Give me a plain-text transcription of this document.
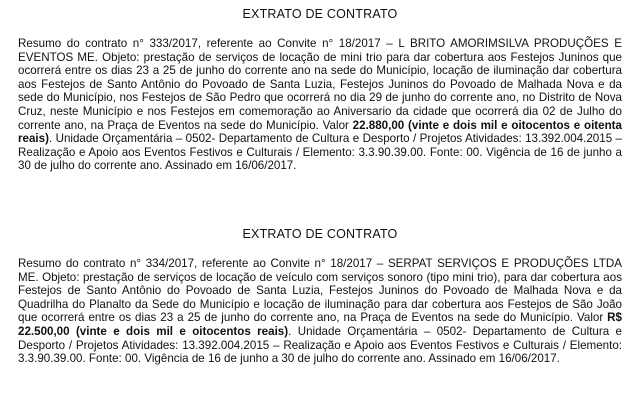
EXTRATO DE CONTRATO

Resumo do contrato n° 333/2017, referente ao Convite n° 18/2017 – L BRITO AMORIMSILVA PRODUÇÕES E EVENTOS ME. Objeto: prestação de serviços de locação de mini trio para dar cobertura aos Festejos Juninos que ocorrerá entre os dias 23 a 25 de junho do corrente ano na sede do Município, locação de iluminação dar cobertura aos Festejos de Santo Antônio do Povoado de Santa Luzia, Festejos Juninos do Povoado de Malhada Nova e da sede do Município, nos Festejos de São Pedro que ocorrerá no dia 29 de junho do corrente ano, no Distrito de Nova Cruz, neste Município e nos Festejos em comemoração ao Aniversario da cidade que ocorrerá dia 02 de Julho do corrente ano, na Praça de Eventos na sede do Município. Valor 22.880,00 (vinte e dois mil e oitocentos e oitenta reais). Unidade Orçamentária – 0502- Departamento de Cultura e Desporto / Projetos Atividades: 13.392.004.2015 – Realização e Apoio aos Eventos Festivos e Culturais / Elemento: 3.3.90.39.00. Fonte: 00. Vigência de 16 de junho a 30 de julho do corrente ano. Assinado em 16/06/2017.

EXTRATO DE CONTRATO

Resumo do contrato n° 334/2017, referente ao Convite n° 18/2017 – SERPAT SERVIÇOS E PRODUÇÕES LTDA ME. Objeto: prestação de serviços de locação de veículo com serviços sonoro (tipo mini trio), para dar cobertura aos Festejos de Santo Antônio do Povoado de Santa Luzia, Festejos Juninos do Povoado de Malhada Nova e da Quadrilha do Planalto da Sede do Município e locação de iluminação para dar cobertura aos Festejos de São João que ocorrerá entre os dias 23 a 25 de junho do corrente ano, na Praça de Eventos na sede do Município. Valor R$ 22.500,00 (vinte e dois mil e oitocentos reais). Unidade Orçamentária – 0502- Departamento de Cultura e Desporto / Projetos Atividades: 13.392.004.2015 – Realização e Apoio aos Eventos Festivos e Culturais / Elemento: 3.3.90.39.00. Fonte: 00. Vigência de 16 de junho a 30 de julho do corrente ano. Assinado em 16/06/2017.
